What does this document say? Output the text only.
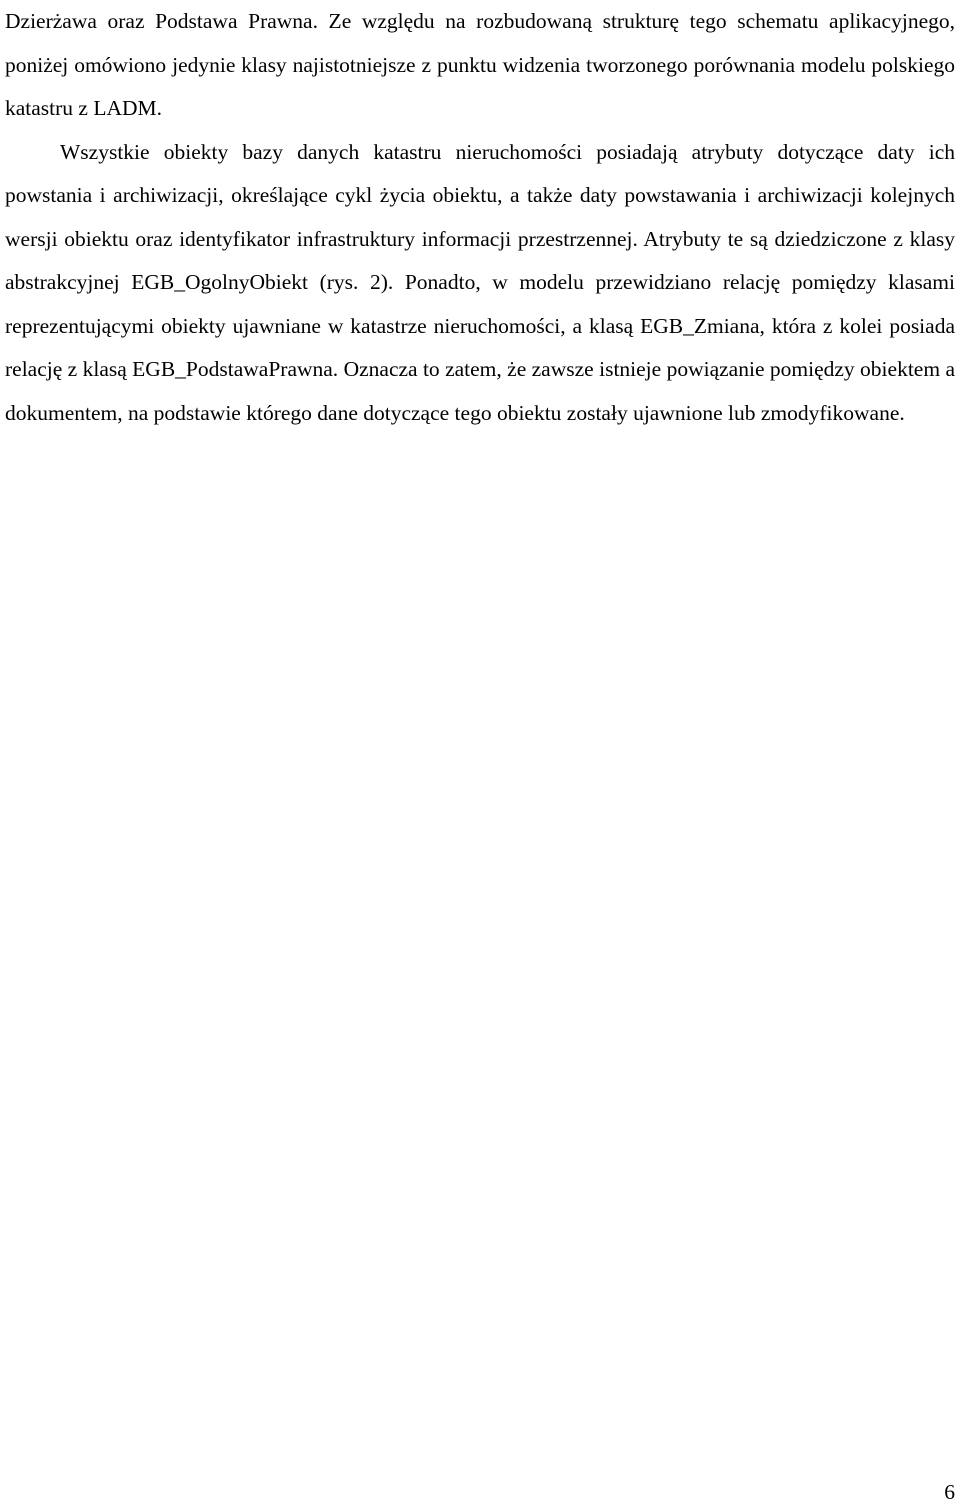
Dzierżawa oraz Podstawa Prawna. Ze względu na rozbudowaną strukturę tego schematu aplikacyjnego, poniżej omówiono jedynie klasy najistotniejsze z punktu widzenia tworzonego porównania modelu polskiego katastru z LADM.

Wszystkie obiekty bazy danych katastru nieruchomości posiadają atrybuty dotyczące daty ich powstania i archiwizacji, określające cykl życia obiektu, a także daty powstawania i archiwizacji kolejnych wersji obiektu oraz identyfikator infrastruktury informacji przestrzennej. Atrybuty te są dziedziczone z klasy abstrakcyjnej EGB_OgolnyObiekt (rys. 2). Ponadto, w modelu przewidziano relację pomiędzy klasami reprezentującymi obiekty ujawniane w katastrze nieruchomości, a klasą EGB_Zmiana, która z kolei posiada relację z klasą EGB_PodstawaPrawna. Oznacza to zatem, że zawsze istnieje powiązanie pomiędzy obiektem a dokumentem, na podstawie którego dane dotyczące tego obiektu zostały ujawnione lub zmodyfikowane.

6
